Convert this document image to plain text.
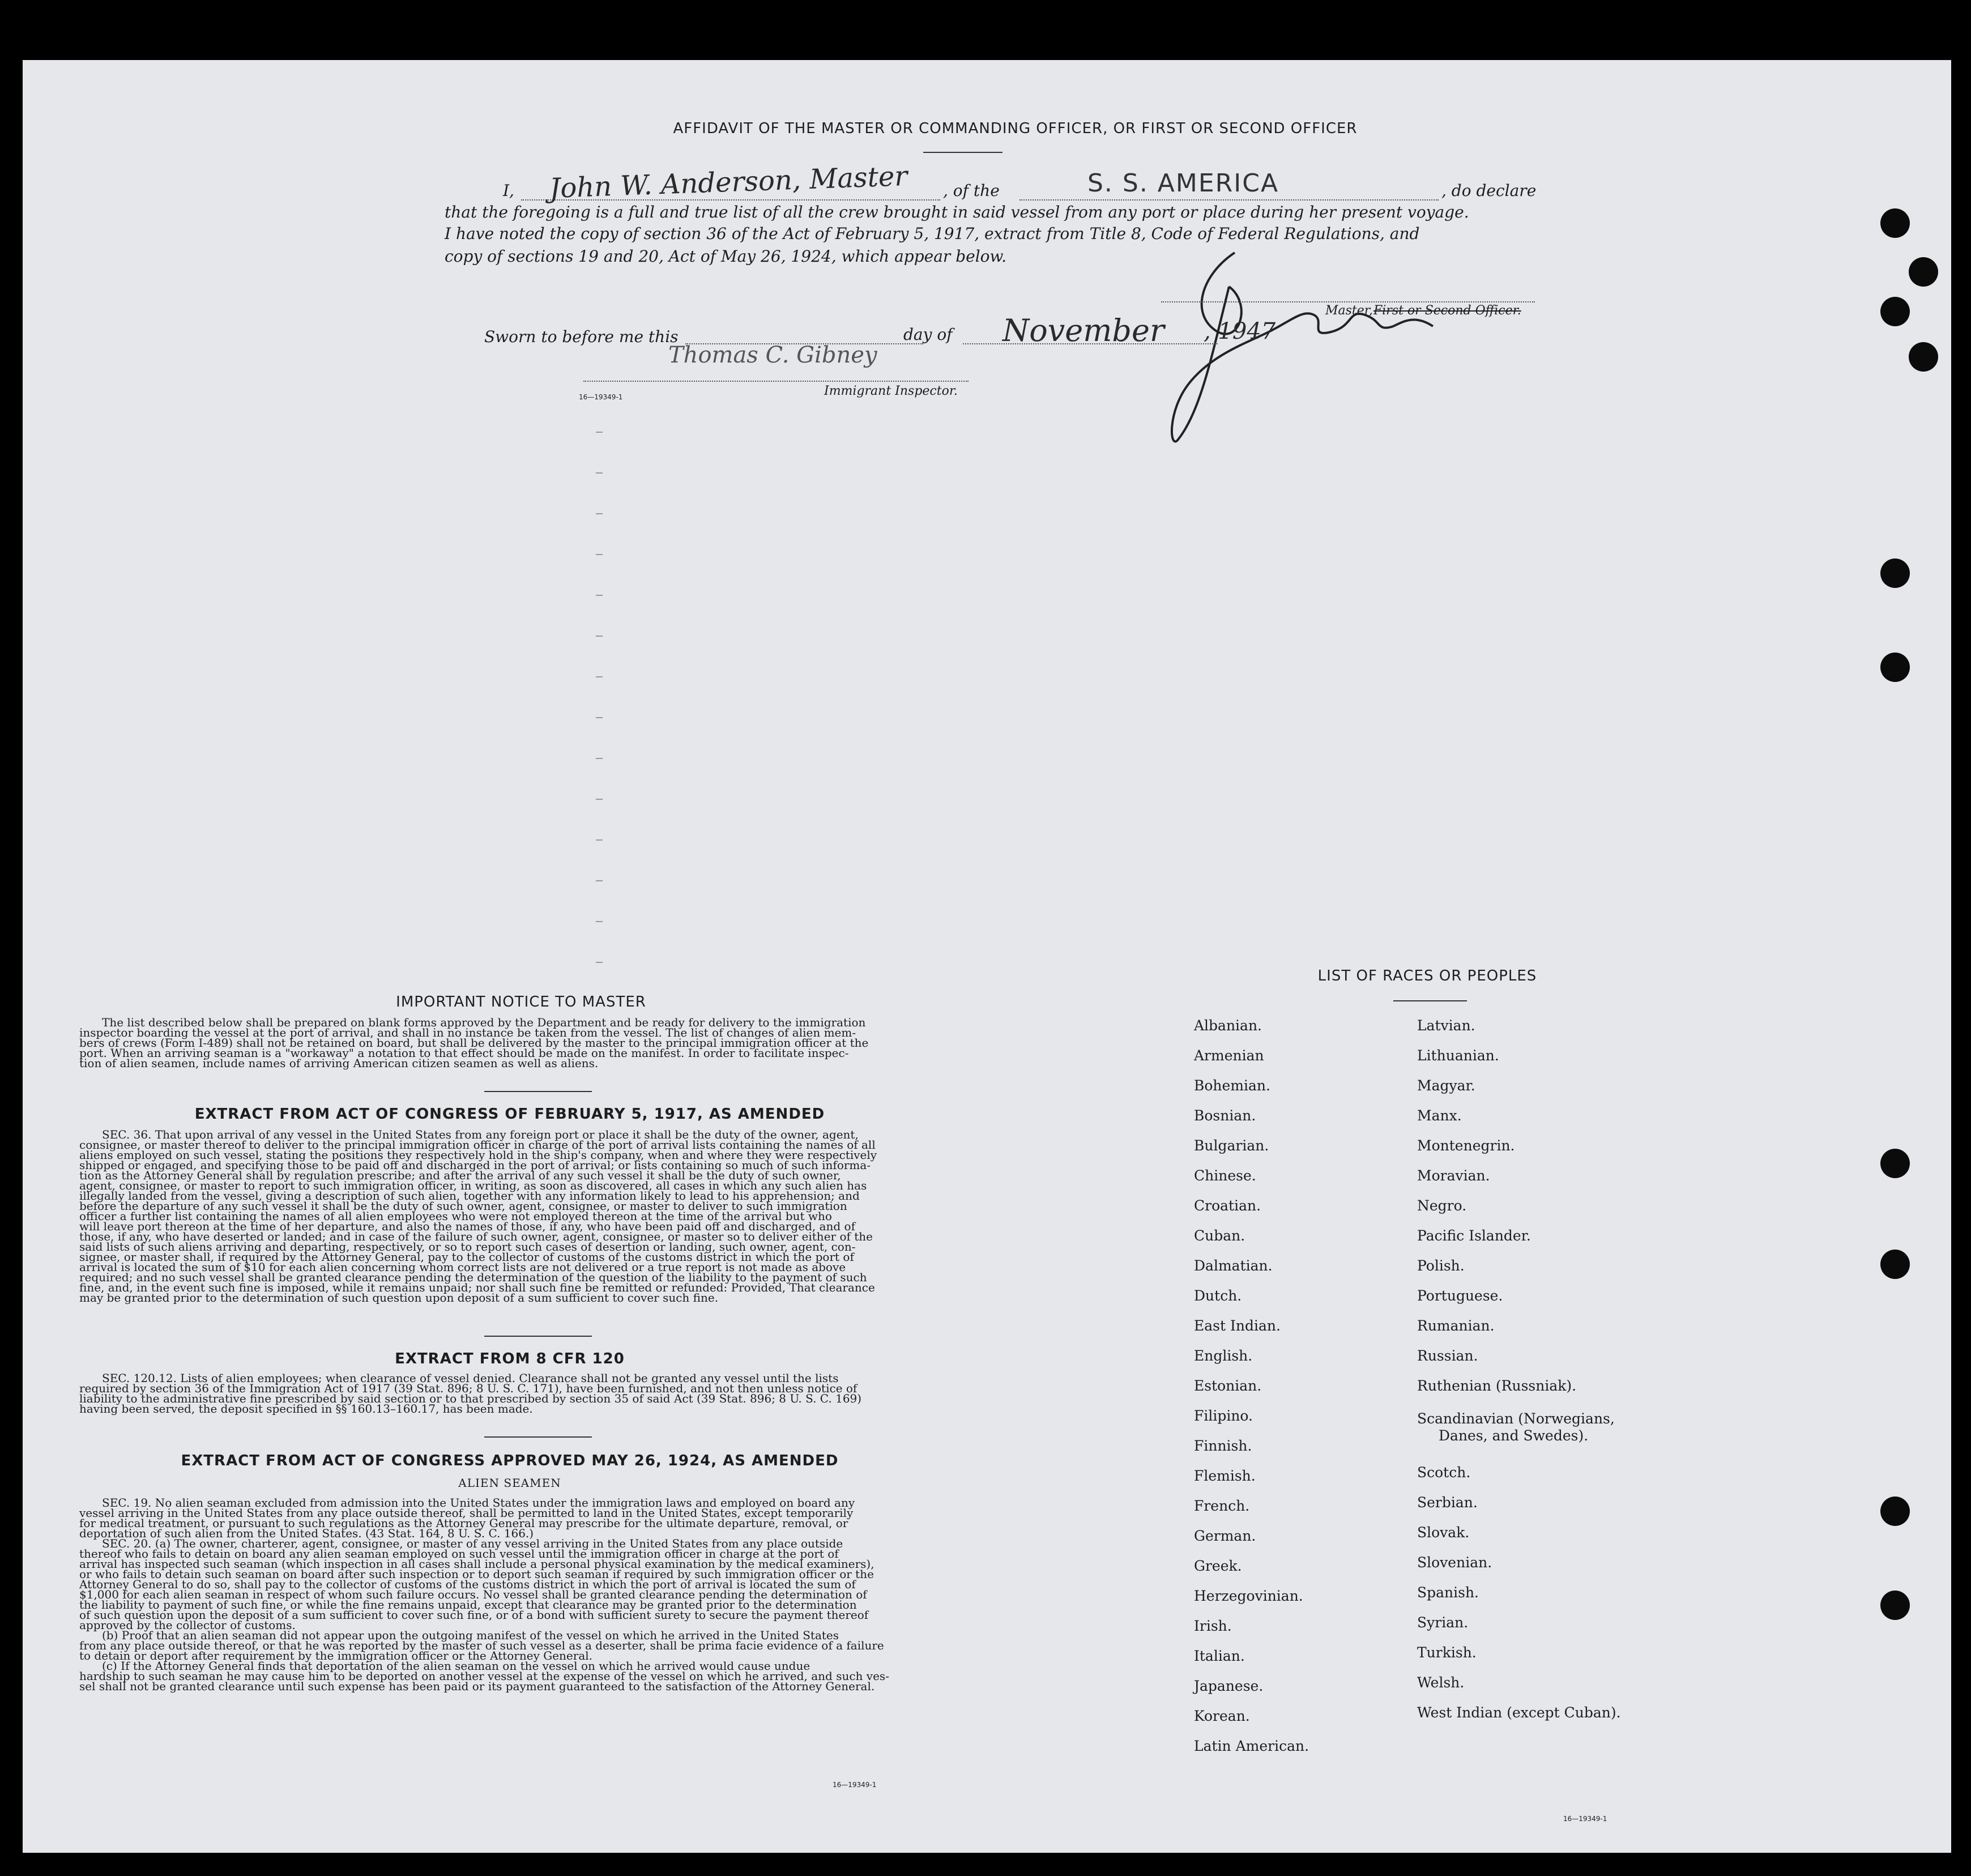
AFFIDAVIT OF THE MASTER OR COMMANDING OFFICER, OR FIRST OR SECOND OFFICER
I, John W. Anderson, Master , of the	S. S. AMERICA	, do declare
that the foregoing is a full and true list of all the crew brought in said vessel from any port or place during her present voyage.
I have noted the copy of section 36 of the Act of February 5, 1917, extract from Title 8, Code of Federal Regulations, and
copy of sections 19 and 20, Act of May 26, 1924, which appear below.
Master, First or Second Officer.
Sworn to before me this	day of November , 1947
Thomas C. Gibney
Immigrant Inspector.
16—19349-1
IMPORTANT NOTICE TO MASTER
The list described below shall be prepared on blank forms approved by the Department and be ready for delivery to the immigration
inspector boarding the vessel at the port of arrival, and shall in no instance be taken from the vessel. The list of changes of alien mem-
bers of crews (Form I-489) shall not be retained on board, but shall be delivered by the master to the principal immigration officer at the
port. When an arriving seaman is a "workaway" a notation to that effect should be made on the manifest. In order to facilitate inspec-
tion of alien seamen, include names of arriving American citizen seamen as well as aliens.
EXTRACT FROM ACT OF CONGRESS OF FEBRUARY 5, 1917, AS AMENDED
SEC. 36. That upon arrival of any vessel in the United States from any foreign port or place it shall be the duty of the owner, agent,
consignee, or master thereof to deliver to the principal immigration officer in charge of the port of arrival lists containing the names of all
aliens employed on such vessel, stating the positions they respectively hold in the ship's company, when and where they were respectively
shipped or engaged, and specifying those to be paid off and discharged in the port of arrival; or lists containing so much of such informa-
tion as the Attorney General shall by regulation prescribe; and after the arrival of any such vessel it shall be the duty of such owner,
agent, consignee, or master to report to such immigration officer, in writing, as soon as discovered, all cases in which any such alien has
illegally landed from the vessel, giving a description of such alien, together with any information likely to lead to his apprehension; and
before the departure of any such vessel it shall be the duty of such owner, agent, consignee, or master to deliver to such immigration
officer a further list containing the names of all alien employees who were not employed thereon at the time of the arrival but who
will leave port thereon at the time of her departure, and also the names of those, if any, who have been paid off and discharged, and of
those, if any, who have deserted or landed; and in case of the failure of such owner, agent, consignee, or master so to deliver either of the
said lists of such aliens arriving and departing, respectively, or so to report such cases of desertion or landing, such owner, agent, con-
signee, or master shall, if required by the Attorney General, pay to the collector of customs of the customs district in which the port of
arrival is located the sum of $10 for each alien concerning whom correct lists are not delivered or a true report is not made as above
required; and no such vessel shall be granted clearance pending the determination of the question of the liability to the payment of such
fine, and, in the event such fine is imposed, while it remains unpaid; nor shall such fine be remitted or refunded: Provided, That clearance
may be granted prior to the determination of such question upon deposit of a sum sufficient to cover such fine.
EXTRACT FROM 8 CFR 120
SEC. 120.12. Lists of alien employees; when clearance of vessel denied. Clearance shall not be granted any vessel until the lists
required by section 36 of the Immigration Act of 1917 (39 Stat. 896; 8 U. S. C. 171), have been furnished, and not then unless notice of
liability to the administrative fine prescribed by said section or to that prescribed by section 35 of said Act (39 Stat. 896; 8 U. S. C. 169)
having been served, the deposit specified in §§ 160.13–160.17, has been made.
EXTRACT FROM ACT OF CONGRESS APPROVED MAY 26, 1924, AS AMENDED
ALIEN SEAMEN
SEC. 19. No alien seaman excluded from admission into the United States under the immigration laws and employed on board any
vessel arriving in the United States from any place outside thereof, shall be permitted to land in the United States, except temporarily
for medical treatment, or pursuant to such regulations as the Attorney General may prescribe for the ultimate departure, removal, or
deportation of such alien from the United States. (43 Stat. 164, 8 U. S. C. 166.)
SEC. 20. (a) The owner, charterer, agent, consignee, or master of any vessel arriving in the United States from any place outside
thereof who fails to detain on board any alien seaman employed on such vessel until the immigration officer in charge at the port of
arrival has inspected such seaman (which inspection in all cases shall include a personal physical examination by the medical examiners),
or who fails to detain such seaman on board after such inspection or to deport such seaman if required by such immigration officer or the
Attorney General to do so, shall pay to the collector of customs of the customs district in which the port of arrival is located the sum of
$1,000 for each alien seaman in respect of whom such failure occurs. No vessel shall be granted clearance pending the determination of
the liability to payment of such fine, or while the fine remains unpaid, except that clearance may be granted prior to the determination
of such question upon the deposit of a sum sufficient to cover such fine, or of a bond with sufficient surety to secure the payment thereof
approved by the collector of customs.
(b) Proof that an alien seaman did not appear upon the outgoing manifest of the vessel on which he arrived in the United States
from any place outside thereof, or that he was reported by the master of such vessel as a deserter, shall be prima facie evidence of a failure
to detain or deport after requirement by the immigration officer or the Attorney General.
(c) If the Attorney General finds that deportation of the alien seaman on the vessel on which he arrived would cause undue
hardship to such seaman he may cause him to be deported on another vessel at the expense of the vessel on which he arrived, and such ves-
sel shall not be granted clearance until such expense has been paid or its payment guaranteed to the satisfaction of the Attorney General.
16—19349-1
LIST OF RACES OR PEOPLES
Albanian.
Armenian
Bohemian.
Bosnian.
Bulgarian.
Chinese.
Croatian.
Cuban.
Dalmatian.
Dutch.
East Indian.
English.
Estonian.
Filipino.
Finnish.
Flemish.
French.
German.
Greek.
Herzegovinian.
Irish.
Italian.
Japanese.
Korean.
Latin American.
Latvian.
Lithuanian.
Magyar.
Manx.
Montenegrin.
Moravian.
Negro.
Pacific Islander.
Polish.
Portuguese.
Rumanian.
Russian.
Ruthenian (Russniak).
Scandinavian (Norwegians,
Danes, and Swedes).
Scotch.
Serbian.
Slovak.
Slovenian.
Spanish.
Syrian.
Turkish.
Welsh.
West Indian (except Cuban).
16—19349-1
